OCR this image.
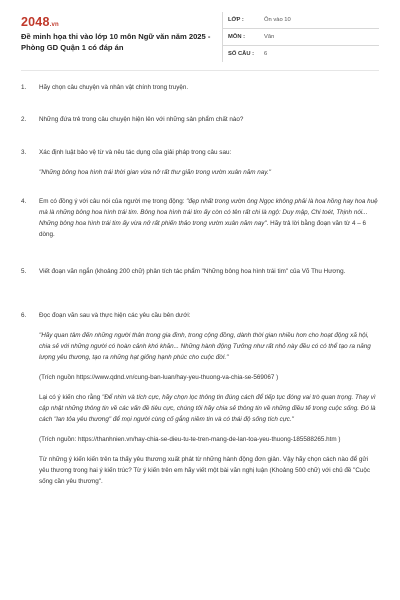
2048.vn
Đề minh họa thi vào lớp 10 môn Ngữ văn năm 2025 - Phòng GD Quận 1 có đáp án
LỚP :	Ôn vào 10
MÔN :	Văn
SỐ CÂU :	6
1.	Hãy chọn câu chuyện và nhân vật chính trong truyện.

2.	Những đứa trẻ trong câu chuyện hiện lên với những sản phẩm chất nào?

3.	Xác định luật bảo vệ từ và nêu tác dụng của giải pháp trong câu sau:

"Những bông hoa hình trái thời gian vừa nở rất thư giãn trong vườn xuân năm nay."

4.	Em có đồng ý với câu nói của người mẹ trong động: "đẹp nhất trong vườn ông Ngọc không phải là hoa hồng hay hoa huệ mà là những bông hoa hình trái tim. Bông hoa hình trái tim ấy còn có tên rất chi là ngộ: Duy mập, Chi toét, Thịnh nói... Những bông hoa hình trái tim ấy vừa nở rất phiến thảo trong vườn xuân năm nay". Hãy trả lời bằng đoạn văn từ 4 – 6 dòng.

5.	Viết đoạn văn ngắn (khoảng 200 chữ) phân tích tác phẩm "Những bông hoa hình trái tim" của Võ Thu Hương.

6.	Đọc đoạn văn sau và thực hiện các yêu cầu bên dưới:

"Hãy quan tâm đến những người thân trong gia đình, trong cộng đồng, dành thời gian nhiều hơn cho hoạt động xã hội, chia sẻ với những người có hoàn cảnh khó khăn... Những hành động Tưởng như rất nhỏ này đều có có thể tạo ra năng lượng yêu thương, tạo ra những hạt giống hạnh phúc cho cuộc đời."

(Trích nguồn https://www.qdnd.vn/cung-ban-luan/hay-yeu-thuong-va-chia-se-569067 )

Lại có ý kiến cho rằng "Để nhìn và tích cực, hãy chọn lọc thông tin đúng cách để tiếp tục đóng vai trò quan trọng. Thay vì cập nhật những thông tin về các vấn đề tiêu cực, chúng tôi hãy chia sẻ thông tin về những điều tế trong cuộc sống. Đó là cách "lan tỏa yêu thương" để mọi người cùng cố gắng niềm tin và có thái độ sống tích cực."

(Trích nguồn: https://thanhnien.vn/hay-chia-se-dieu-tu-te-tren-mang-de-lan-toa-yeu-thuong-185588265.htm )

Từ những ý kiến kiến trên ta thấy yêu thương xuất phát từ những hành động đơn giản. Vậy hãy chọn cách nào để gửi yêu thương trong hai ý kiến trúc? Từ ý kiến trên em hãy viết một bài văn nghị luận (Khoảng 500 chữ) với chủ đề "Cuộc sống cần yêu thương".
